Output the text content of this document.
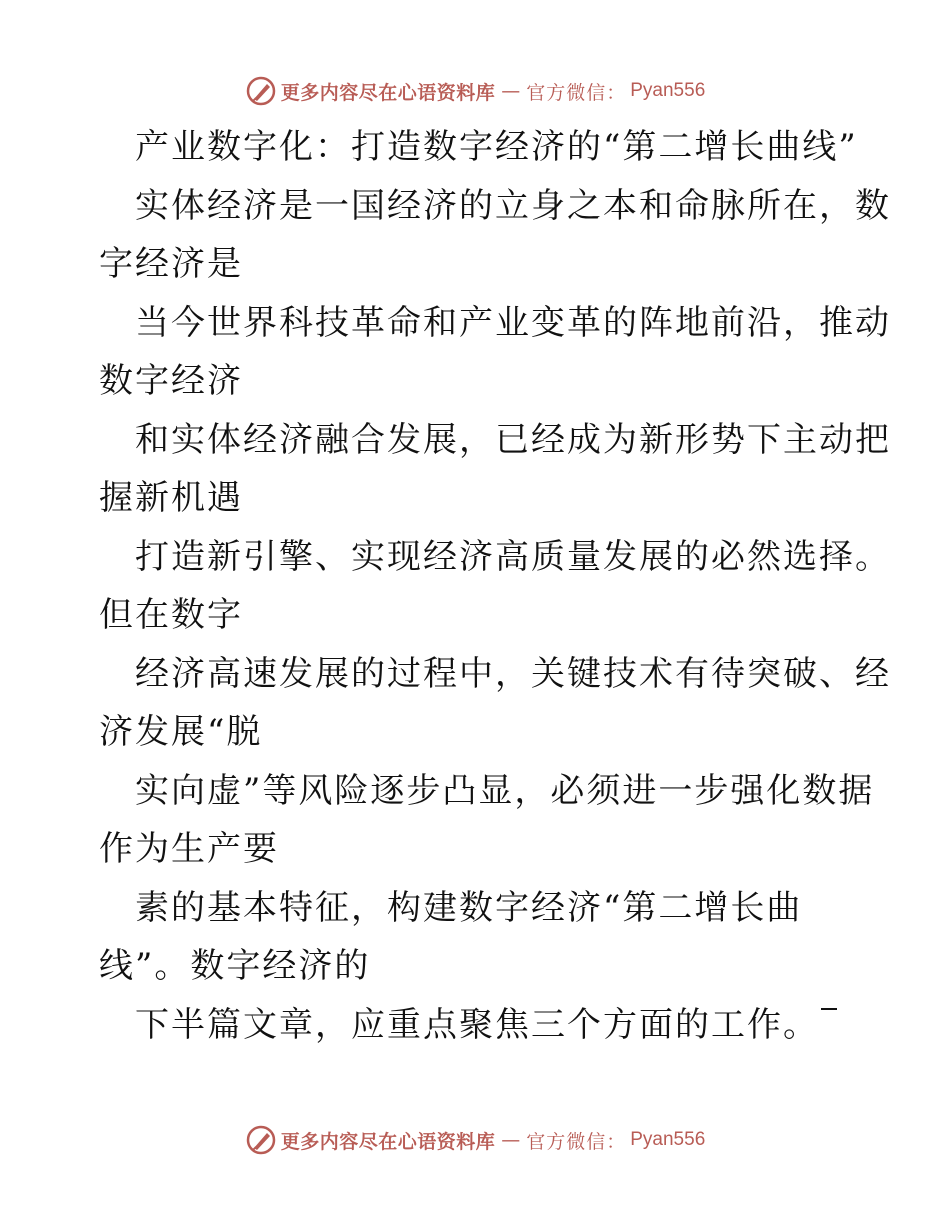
更多内容尽在心语资料库 — 官方微信： Pyan556
产业数字化：打造数字经济的“第二增长曲线”
实体经济是一国经济的立身之本和命脉所在，数
字经济是
当今世界科技革命和产业变革的阵地前沿，推动
数字经济
和实体经济融合发展，已经成为新形势下主动把
握新机遇
打造新引擎、实现经济高质量发展的必然选择。
但在数字
经济高速发展的过程中，关键技术有待突破、经
济发展“脱
实向虚”等风险逐步凸显，必须进一步强化数据
作为生产要
素的基本特征，构建数字经济“第二增长曲
线”。数字经济的
下半篇文章，应重点聚焦三个方面的工作。
更多内容尽在心语资料库 — 官方微信： Pyan556
